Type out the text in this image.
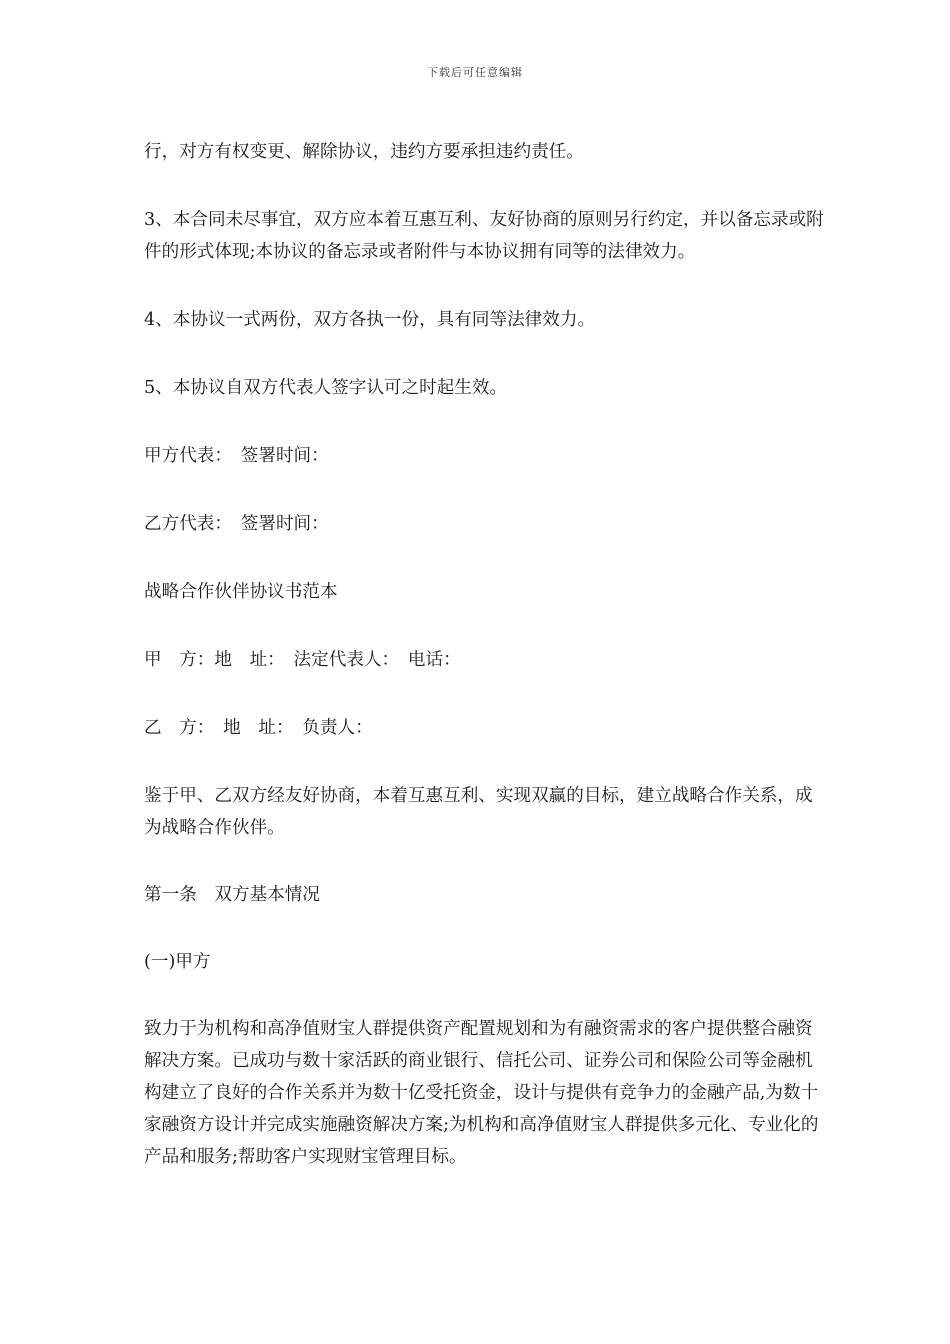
下载后可任意编辑

行，对方有权变更、解除协议，违约方要承担违约责任。

3、本合同未尽事宜，双方应本着互惠互利、友好协商的原则另行约定，并以备忘录或附件的形式体现;本协议的备忘录或者附件与本协议拥有同等的法律效力。

4、本协议一式两份，双方各执一份，具有同等法律效力。

5、本协议自双方代表人签字认可之时起生效。

甲方代表：　签署时间：

乙方代表：　签署时间：

战略合作伙伴协议书范本

甲　方：地　址：　法定代表人：　电话：

乙　方：　地　址：　负责人：

鉴于甲、乙双方经友好协商，本着互惠互利、实现双赢的目标，建立战略合作关系，成为战略合作伙伴。

第一条　双方基本情况

(一)甲方

致力于为机构和高净值财宝人群提供资产配置规划和为有融资需求的客户提供整合融资解决方案。已成功与数十家活跃的商业银行、信托公司、证券公司和保险公司等金融机构建立了良好的合作关系并为数十亿受托资金，设计与提供有竞争力的金融产品,为数十家融资方设计并完成实施融资解决方案;为机构和高净值财宝人群提供多元化、专业化的产品和服务;帮助客户实现财宝管理目标。
